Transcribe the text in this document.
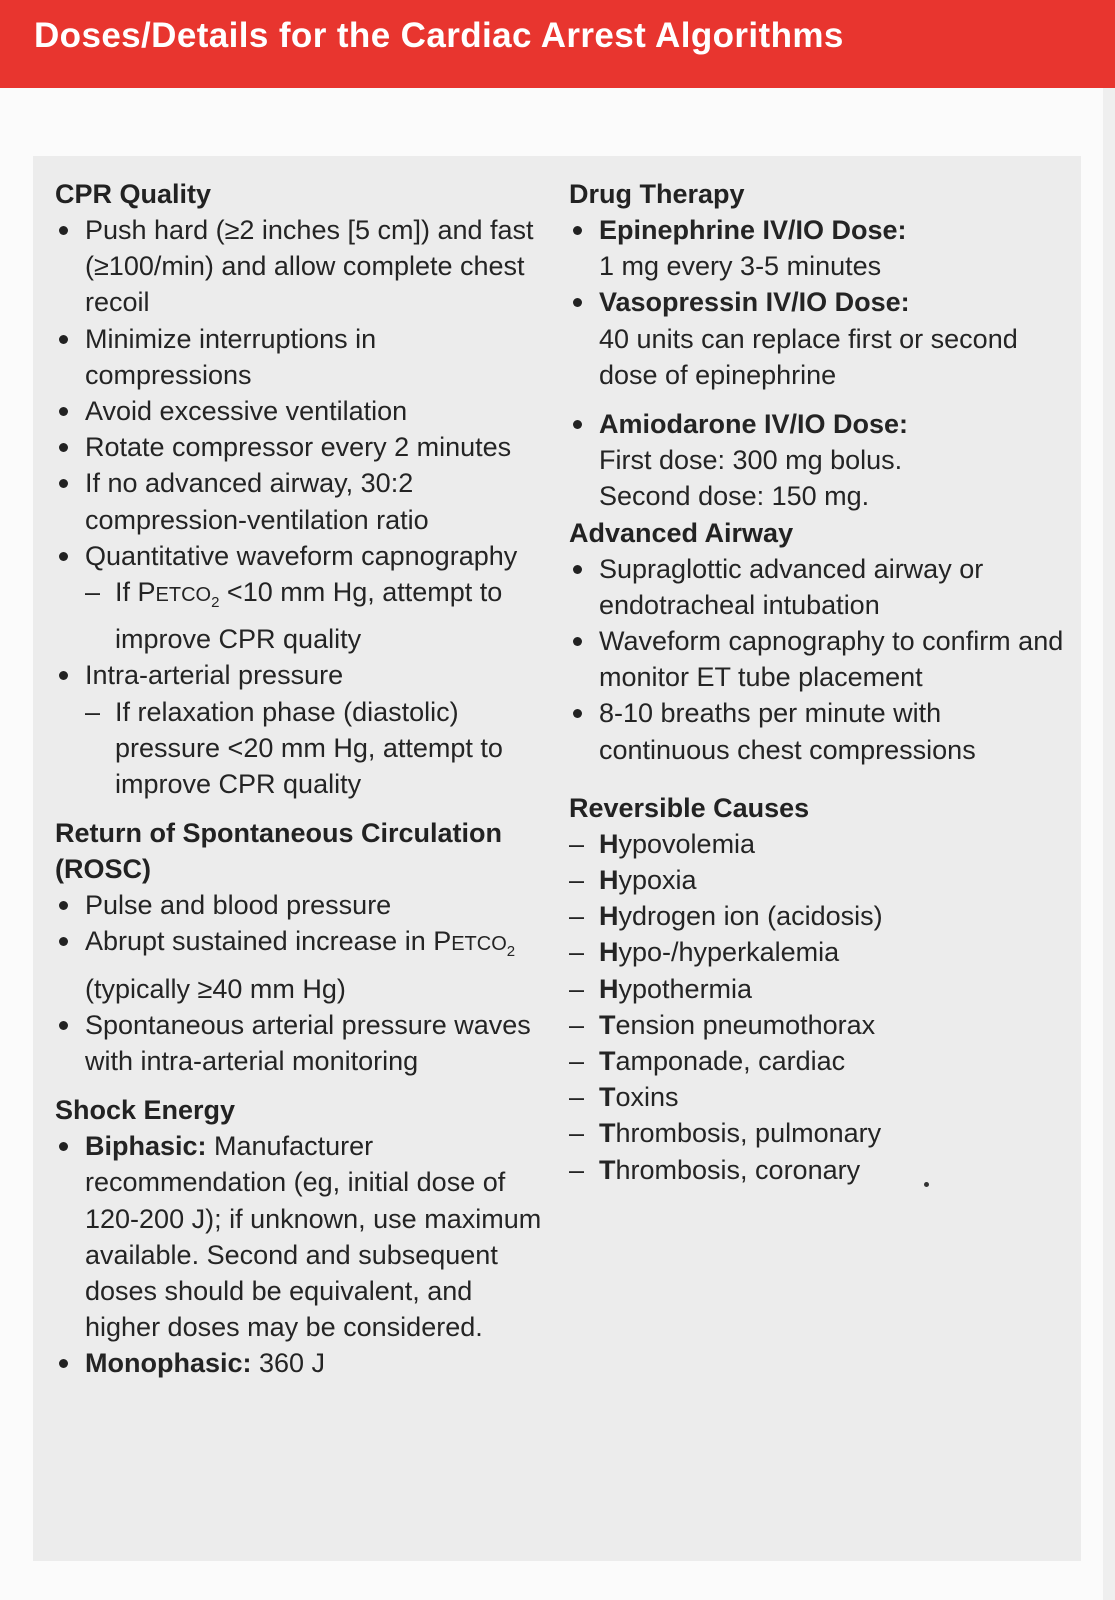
Doses/Details for the Cardiac Arrest Algorithms
CPR Quality
Push hard (≥2 inches [5 cm]) and fast (≥100/min) and allow complete chest recoil
Minimize interruptions in compressions
Avoid excessive ventilation
Rotate compressor every 2 minutes
If no advanced airway, 30:2 compression-ventilation ratio
Quantitative waveform capnography
– If $PETCO_2 <10$ mm Hg, attempt to improve CPR quality
Intra-arterial pressure
– If relaxation phase (diastolic) pressure <20 mm Hg, attempt to improve CPR quality
Return of Spontaneous Circulation (ROSC)
Pulse and blood pressure
Abrupt sustained increase in $PETCO_2$ (typically ≥40 mm Hg)
Spontaneous arterial pressure waves with intra-arterial monitoring
Shock Energy
Biphasic: Manufacturer recommendation (eg, initial dose of 120-200 J); if unknown, use maximum available. Second and subsequent doses should be equivalent, and higher doses may be considered.
Monophasic: 360 J
Drug Therapy
Epinephrine IV/IO Dose:
1 mg every 3-5 minutes
Vasopressin IV/IO Dose:
40 units can replace first or second dose of epinephrine
Amiodarone IV/IO Dose:
First dose: 300 mg bolus.
Second dose: 150 mg.
Advanced Airway
Supraglottic advanced airway or endotracheal intubation
Waveform capnography to confirm and monitor ET tube placement
8-10 breaths per minute with continuous chest compressions
Reversible Causes
– Hypovolemia
– Hypoxia
– Hydrogen ion (acidosis)
– Hypo-/hyperkalemia
– Hypothermia
– Tension pneumothorax
– Tamponade, cardiac
– Toxins
– Thrombosis, pulmonary
– Thrombosis, coronary
